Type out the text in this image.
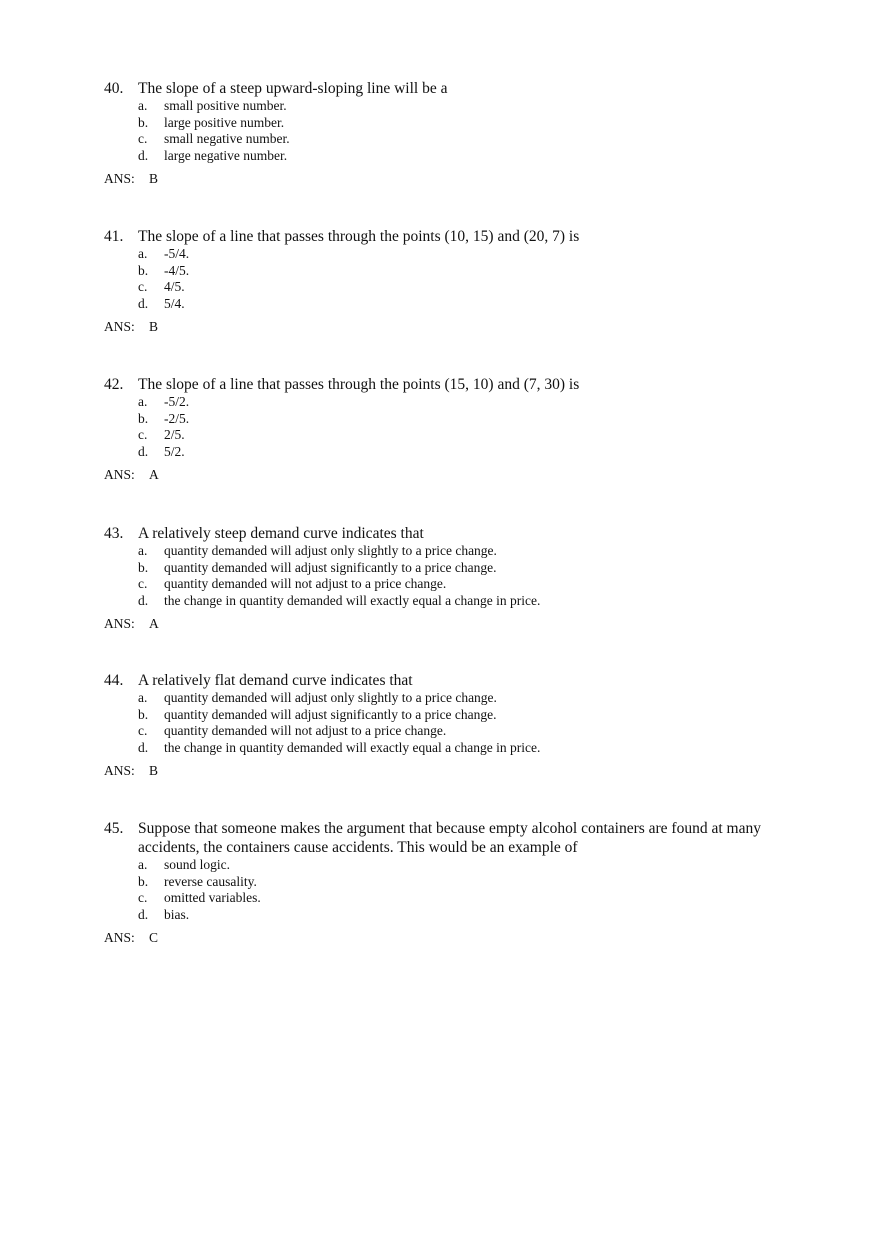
40. The slope of a steep upward-sloping line will be a
a.	small positive number.
b.	large positive number.
c.	small negative number.
d.	large negative number.
ANS:	B
41. The slope of a line that passes through the points (10, 15) and (20, 7) is
a.	-5/4.
b.	-4/5.
c.	4/5.
d.	5/4.
ANS:	B
42. The slope of a line that passes through the points (15, 10) and (7, 30) is
a.	-5/2.
b.	-2/5.
c.	2/5.
d.	5/2.
ANS:	A
43. A relatively steep demand curve indicates that
a.	quantity demanded will adjust only slightly to a price change.
b.	quantity demanded will adjust significantly to a price change.
c.	quantity demanded will not adjust to a price change.
d.	the change in quantity demanded will exactly equal a change in price.
ANS:	A
44. A relatively flat demand curve indicates that
a.	quantity demanded will adjust only slightly to a price change.
b.	quantity demanded will adjust significantly to a price change.
c.	quantity demanded will not adjust to a price change.
d.	the change in quantity demanded will exactly equal a change in price.
ANS:	B
45. Suppose that someone makes the argument that because empty alcohol containers are found at many accidents, the containers cause accidents. This would be an example of
a.	sound logic.
b.	reverse causality.
c.	omitted variables.
d.	bias.
ANS:	C
